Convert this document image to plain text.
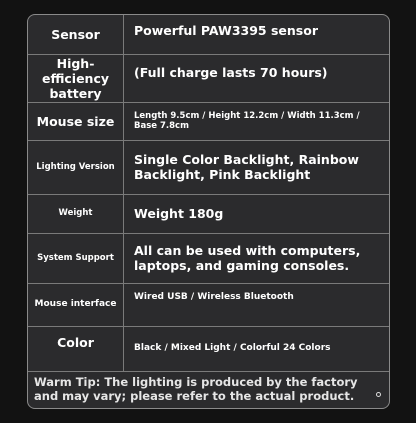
Sensor	Powerful PAW3395 sensor
High-efficiency battery	(Full charge lasts 70 hours)
Mouse size	Length 9.5cm / Height 12.2cm / Width 11.3cm / Base 7.8cm
Lighting Version	Single Color Backlight, Rainbow Backlight, Pink Backlight
Weight	Weight 180g
System Support	All can be used with computers, laptops, and gaming consoles.
Mouse interface	Wired USB / Wireless Bluetooth
Color	Black / Mixed Light / Colorful 24 Colors
Warm Tip: The lighting is produced by the factory and may vary; please refer to the actual product.
